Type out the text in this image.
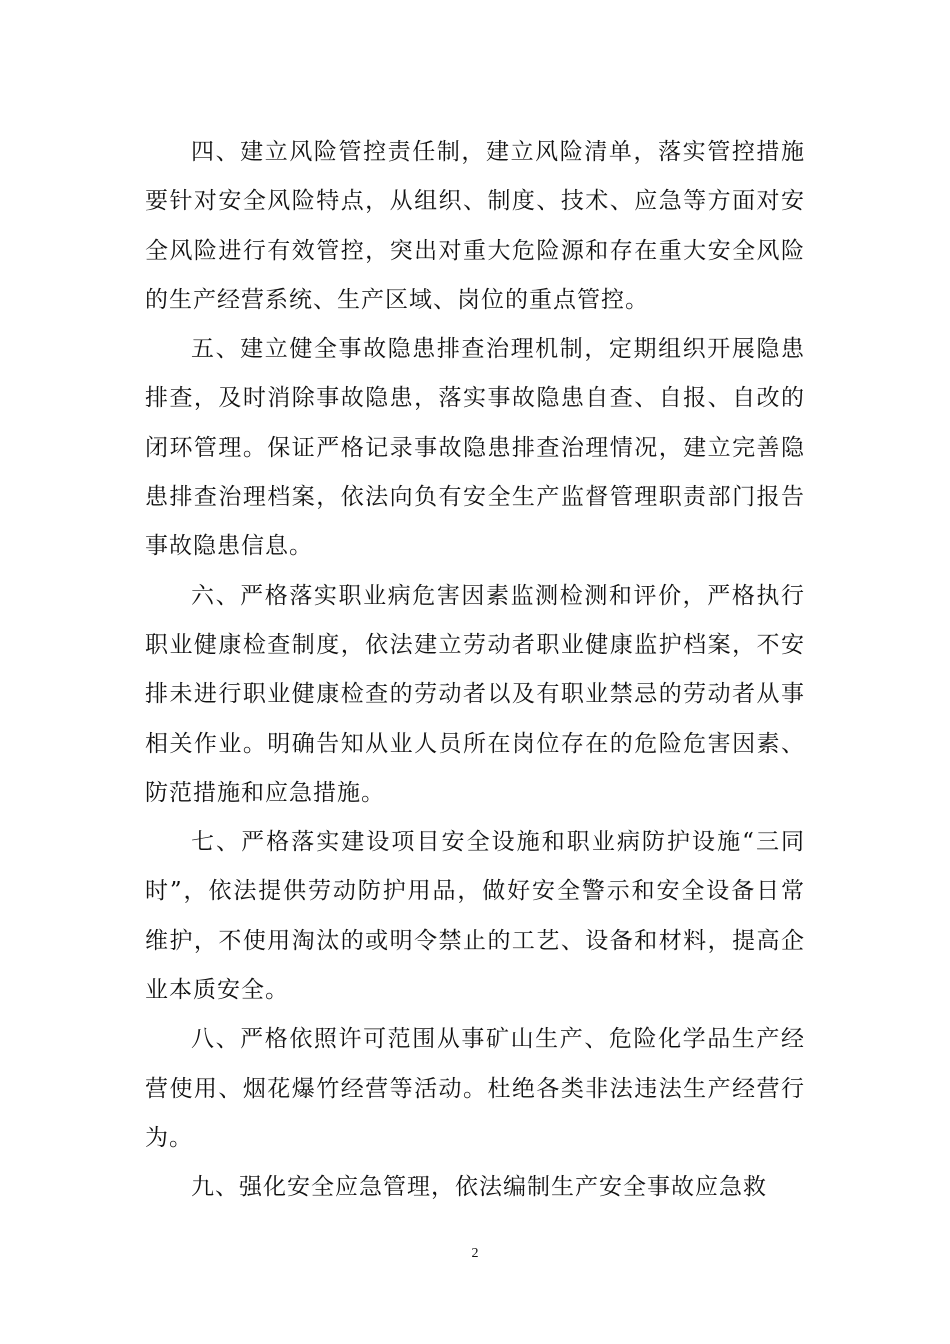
四、建立风险管控责任制，建立风险清单，落实管控措施要针对安全风险特点，从组织、制度、技术、应急等方面对安全风险进行有效管控，突出对重大危险源和存在重大安全风险的生产经营系统、生产区域、岗位的重点管控。

五、建立健全事故隐患排查治理机制，定期组织开展隐患排查，及时消除事故隐患，落实事故隐患自查、自报、自改的闭环管理。保证严格记录事故隐患排查治理情况，建立完善隐患排查治理档案，依法向负有安全生产监督管理职责部门报告事故隐患信息。

六、严格落实职业病危害因素监测检测和评价，严格执行职业健康检查制度，依法建立劳动者职业健康监护档案，不安排未进行职业健康检查的劳动者以及有职业禁忌的劳动者从事相关作业。明确告知从业人员所在岗位存在的危险危害因素、防范措施和应急措施。

七、严格落实建设项目安全设施和职业病防护设施“三同时”，依法提供劳动防护用品，做好安全警示和安全设备日常维护，不使用淘汰的或明令禁止的工艺、设备和材料，提高企业本质安全。

八、严格依照许可范围从事矿山生产、危险化学品生产经营使用、烟花爆竹经营等活动。杜绝各类非法违法生产经营行为。

九、强化安全应急管理，依法编制生产安全事故应急救

2
